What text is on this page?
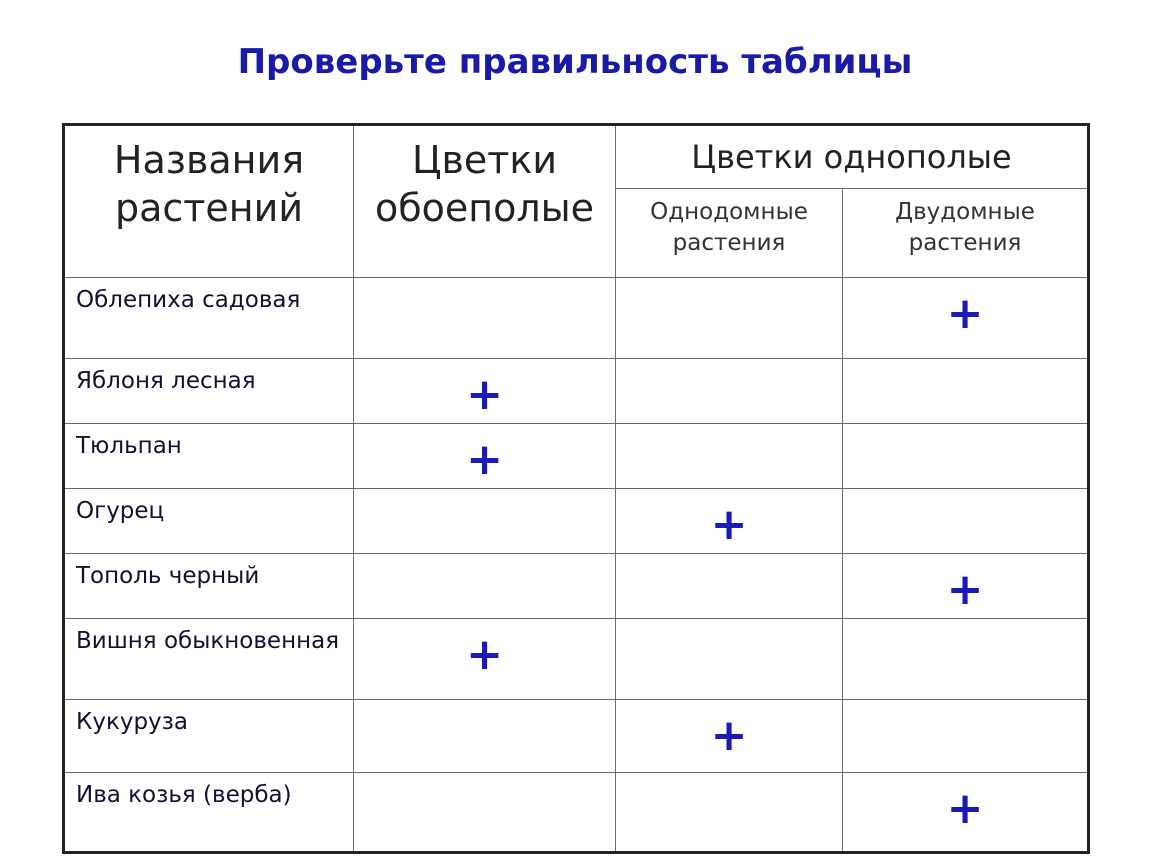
Проверьте правильность таблицы
Названия растений	Цветки обоеполые	Цветки однополые	
		Однодомные растения	Двудомные растения
Облепиха садовая			+
Яблоня лесная	+		
Тюльпан	+		
Огурец		+	
Тополь черный			+
Вишня обыкновенная	+		
Кукуруза		+	
Ива козья (верба)			+
